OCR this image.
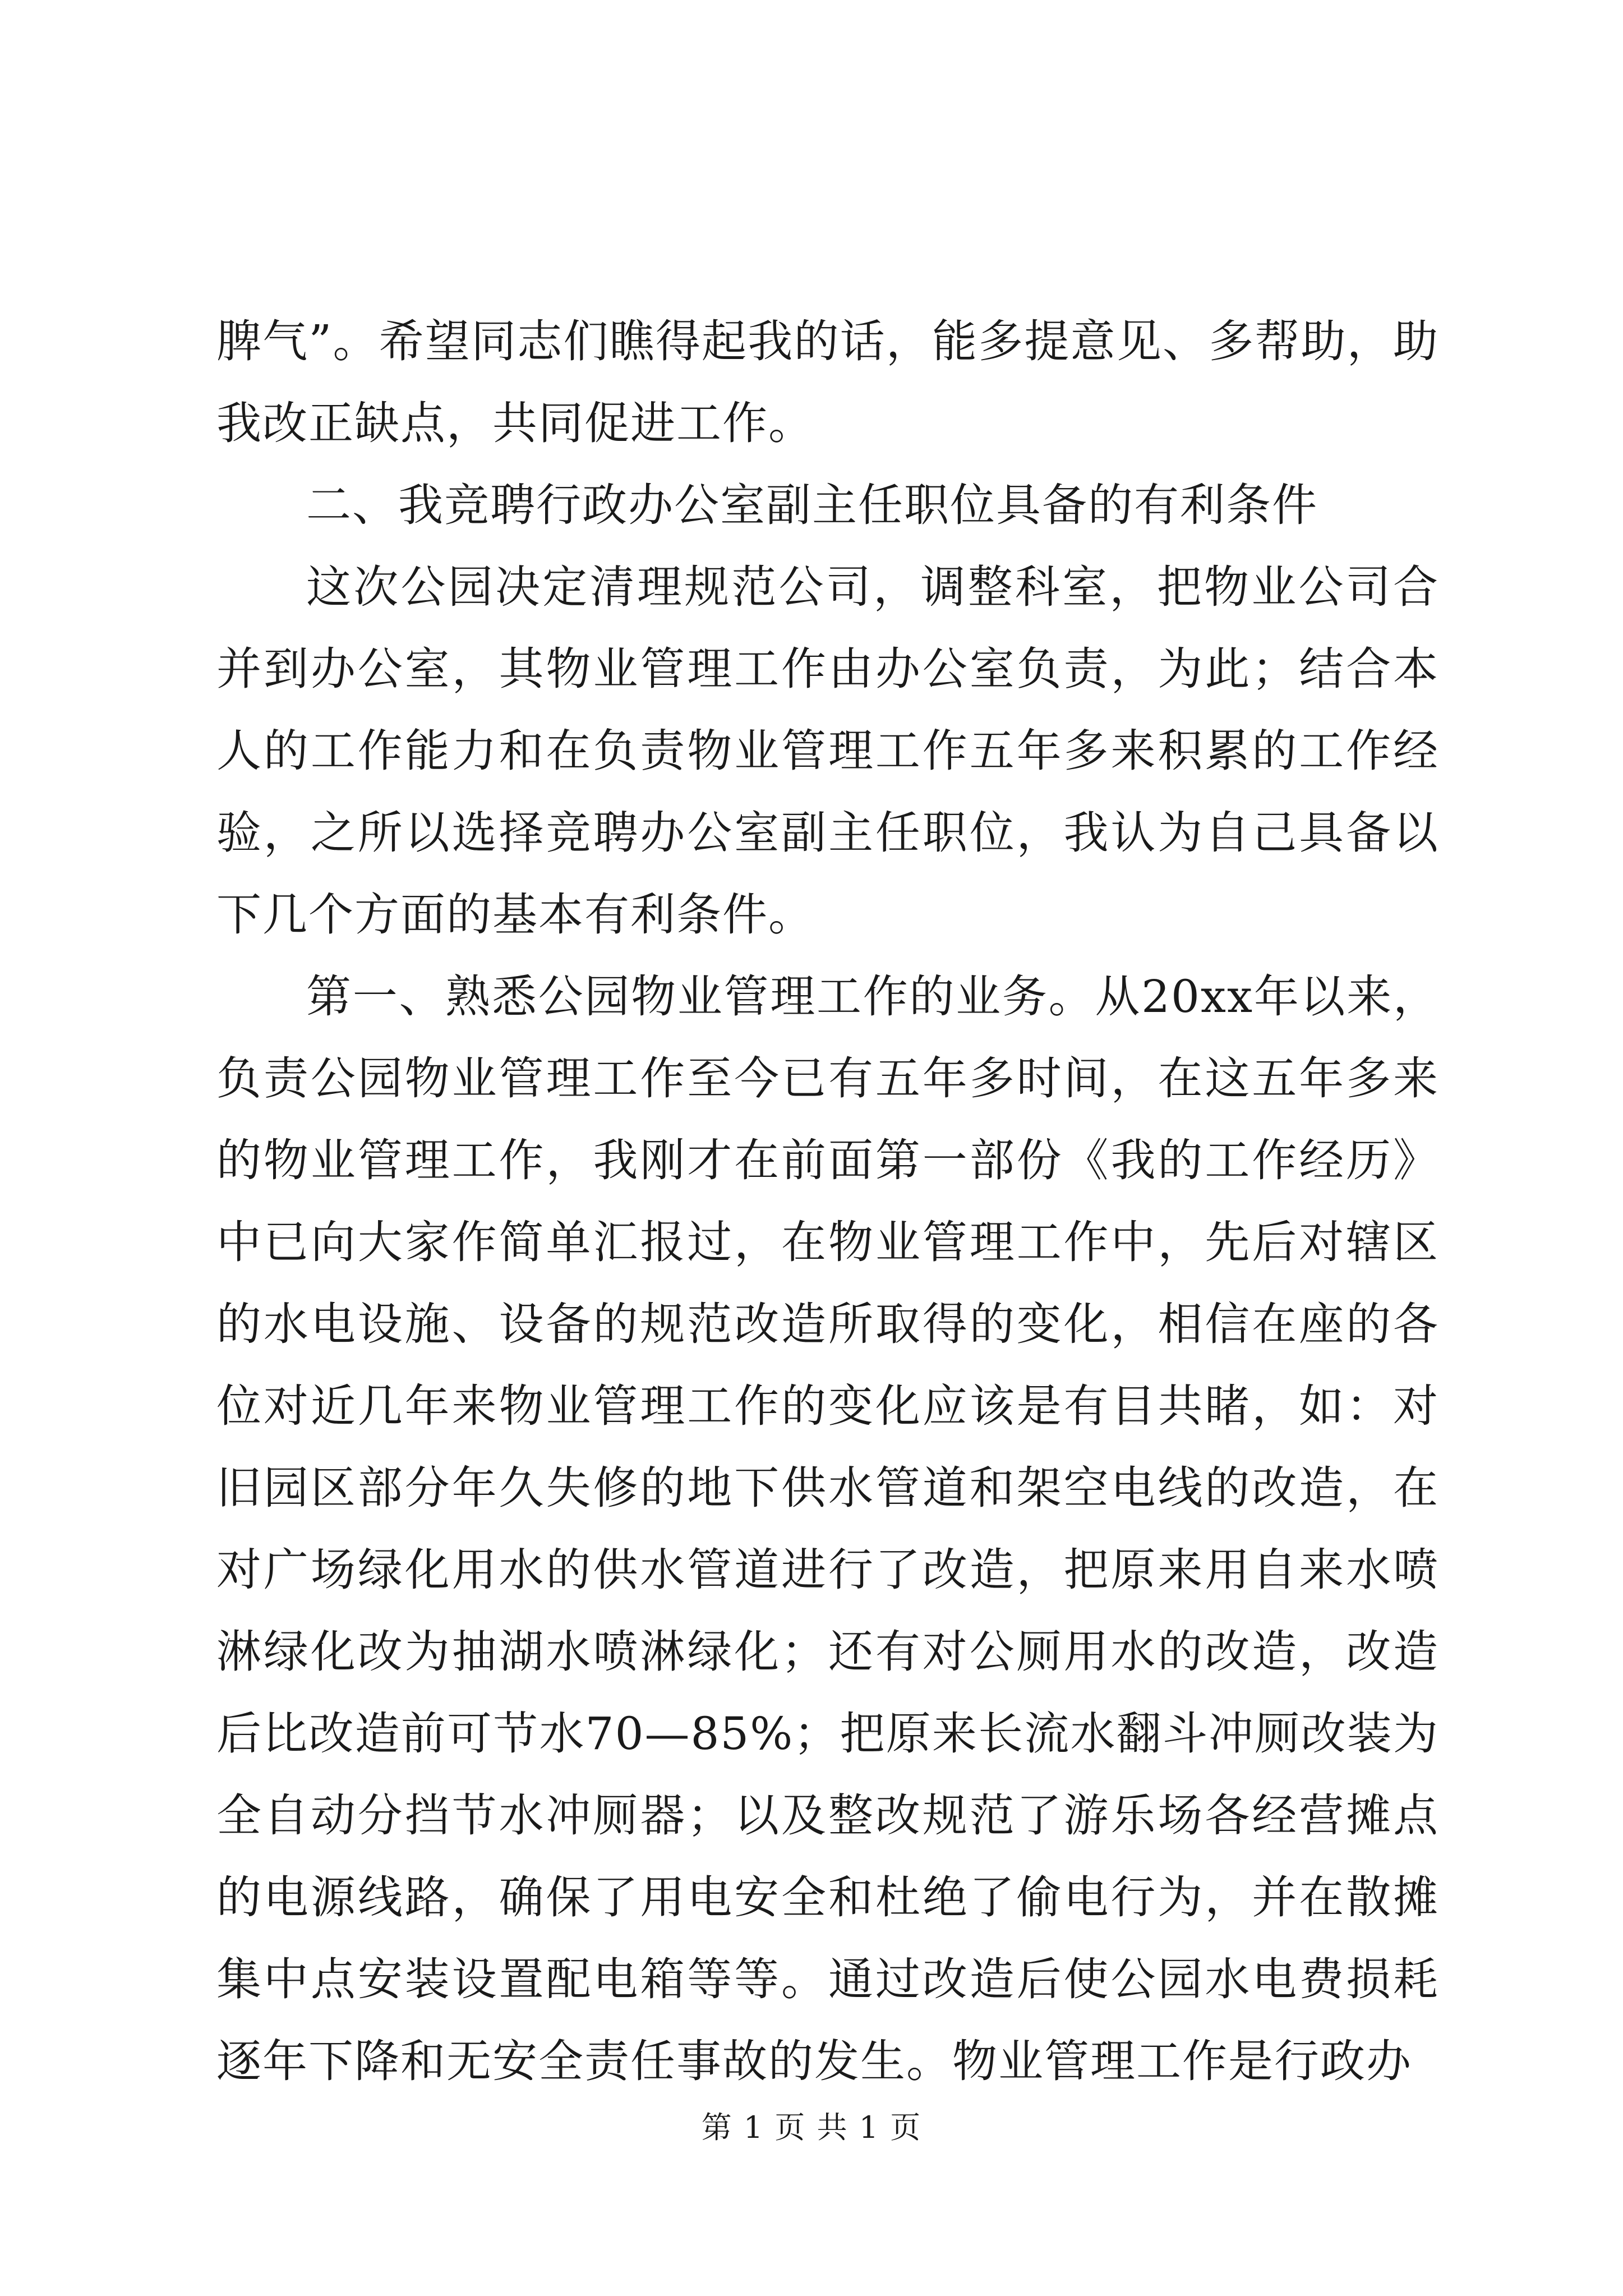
脾气”。希望同志们瞧得起我的话，能多提意见、多帮助，助我改正缺点，共同促进工作。

二、我竞聘行政办公室副主任职位具备的有利条件

这次公园决定清理规范公司，调整科室，把物业公司合并到办公室，其物业管理工作由办公室负责，为此；结合本人的工作能力和在负责物业管理工作五年多来积累的工作经验，之所以选择竞聘办公室副主任职位，我认为自己具备以下几个方面的基本有利条件。

第一、熟悉公园物业管理工作的业务。从20xx年以来，负责公园物业管理工作至今已有五年多时间，在这五年多来的物业管理工作，我刚才在前面第一部份《我的工作经历》中已向大家作简单汇报过，在物业管理工作中，先后对辖区的水电设施、设备的规范改造所取得的变化，相信在座的各位对近几年来物业管理工作的变化应该是有目共睹，如：对旧园区部分年久失修的地下供水管道和架空电线的改造，在对广场绿化用水的供水管道进行了改造，把原来用自来水喷淋绿化改为抽湖水喷淋绿化；还有对公厕用水的改造，改造后比改造前可节水70—85%；把原来长流水翻斗冲厕改装为全自动分挡节水冲厕器；以及整改规范了游乐场各经营摊点的电源线路，确保了用电安全和杜绝了偷电行为，并在散摊集中点安装设置配电箱等等。通过改造后使公园水电费损耗逐年下降和无安全责任事故的发生。物业管理工作是行政办

第 1 页 共 1 页
